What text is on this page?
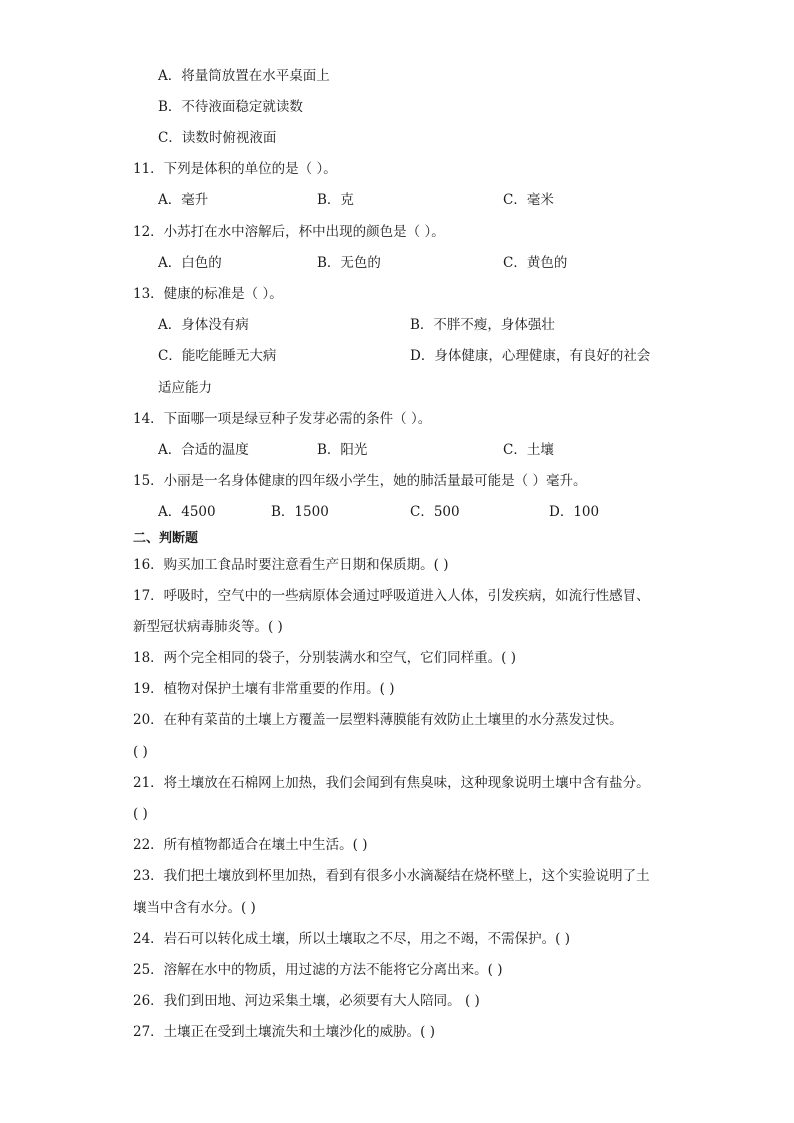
A．将量筒放置在水平桌面上
B．不待液面稳定就读数
C．读数时俯视液面
11．下列是体积的单位的是（ ）。
A．毫升	B．克	C．毫米
12．小苏打在水中溶解后，杯中出现的颜色是（ ）。
A．白色的	B．无色的	C．黄色的
13．健康的标准是（ ）。
A．身体没有病	B．不胖不瘦，身体强壮
C．能吃能睡无大病	D．身体健康，心理健康，有良好的社会
适应能力
14．下面哪一项是绿豆种子发芽必需的条件（ ）。
A．合适的温度	B．阳光	C．土壤
15．小丽是一名身体健康的四年级小学生，她的肺活量最可能是（ ）毫升。
A．4500	B．1500	C．500	D．100
二、判断题
16．购买加工食品时要注意看生产日期和保质期。( )
17．呼吸时，空气中的一些病原体会通过呼吸道进入人体，引发疾病，如流行性感冒、
新型冠状病毒肺炎等。( )
18．两个完全相同的袋子，分别装满水和空气，它们同样重。( )
19．植物对保护土壤有非常重要的作用。( )
20．在种有菜苗的土壤上方覆盖一层塑料薄膜能有效防止土壤里的水分蒸发过快。
( )
21．将土壤放在石棉网上加热，我们会闻到有焦臭味，这种现象说明土壤中含有盐分。
( )
22．所有植物都适合在壤土中生活。( )
23．我们把土壤放到杯里加热，看到有很多小水滴凝结在烧杯壁上，这个实验说明了土
壤当中含有水分。( )
24．岩石可以转化成土壤，所以土壤取之不尽，用之不竭，不需保护。( )
25．溶解在水中的物质，用过滤的方法不能将它分离出来。( )
26．我们到田地、河边采集土壤，必须要有大人陪同。 ( )
27．土壤正在受到土壤流失和土壤沙化的威胁。( )
